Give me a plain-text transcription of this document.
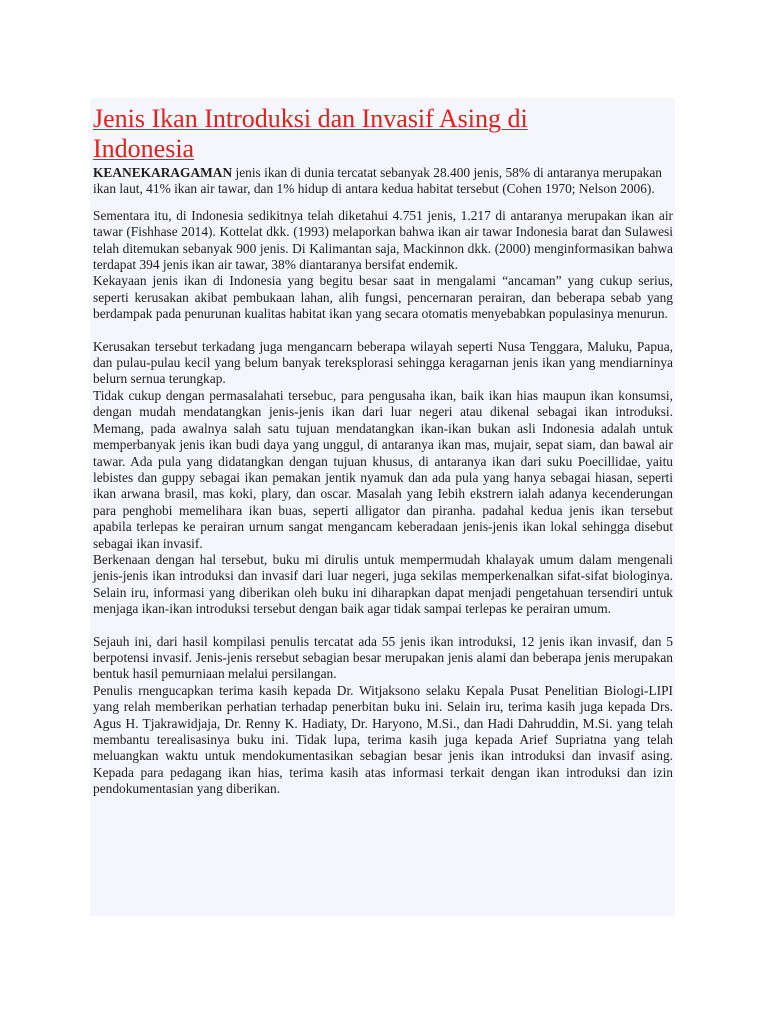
Jenis Ikan Introduksi dan Invasif Asing di Indonesia

KEANEKARAGAMAN jenis ikan di dunia tercatat sebanyak 28.400 jenis, 58% di antaranya merupakan ikan laut, 41% ikan air tawar, dan 1% hidup di antara kedua habitat tersebut (Cohen 1970; Nelson 2006).

Sementara itu, di Indonesia sedikitnya telah diketahui 4.751 jenis, 1.217 di antaranya merupakan ikan air tawar (Fishhase 2014). Kottelat dkk. (1993) melaporkan bahwa ikan air tawar Indonesia barat dan Sulawesi telah ditemukan sebanyak 900 jenis. Di Kalimantan saja, Mackinnon dkk. (2000) menginformasikan bahwa terdapat 394 jenis ikan air tawar, 38% diantaranya bersifat endemik.

Kekayaan jenis ikan di Indonesia yang begitu besar saat in mengalami “ancaman” yang cukup serius, seperti kerusakan akibat pembukaan lahan, alih fungsi, pencernaran perairan, dan beberapa sebab yang berdampak pada penurunan kualitas habitat ikan yang secara otomatis menyebabkan populasinya menurun.

Kerusakan tersebut terkadang juga mengancarn beberapa wilayah seperti Nusa Tenggara, Maluku, Papua, dan pulau-pulau kecil yang belum banyak tereksplorasi sehingga keragarnan jenis ikan yang mendiarninya belurn sernua terungkap.

Tidak cukup dengan permasalahati tersebuc, para pengusaha ikan, baik ikan hias maupun ikan konsumsi, dengan mudah mendatangkan jenis-jenis ikan dari luar negeri atau dikenal sebagai ikan introduksi. Memang, pada awalnya salah satu tujuan mendatangkan ikan-ikan bukan asli Indonesia adalah untuk memperbanyak jenis ikan budi daya yang unggul, di antaranya ikan mas, mujair, sepat siam, dan bawal air tawar. Ada pula yang didatangkan dengan tujuan khusus, di antaranya ikan dari suku Poecillidae, yaitu lebistes dan guppy sebagai ikan pemakan jentik nyamuk dan ada pula yang hanya sebagai hiasan, seperti ikan arwana brasil, mas koki, plary, dan oscar. Masalah yang Iebih ekstrern ialah adanya kecenderungan para penghobi memelihara ikan buas, seperti alligator dan piranha. padahal kedua jenis ikan tersebut apabila terlepas ke perairan urnum sangat mengancam keberadaan jenis-jenis ikan lokal sehingga disebut sebagai ikan invasif.

Berkenaan dengan hal tersebut, buku mi dirulis untuk mempermudah khalayak umum dalam mengenali jenis-jenis ikan introduksi dan invasif dari luar negeri, juga sekilas memperkenalkan sifat-sifat biologinya. Selain iru, informasi yang diberikan oleh buku ini diharapkan dapat menjadi pengetahuan tersendiri untuk menjaga ikan-ikan introduksi tersebut dengan baik agar tidak sampai terlepas ke perairan umum.

Sejauh ini, dari hasil kompilasi penulis tercatat ada 55 jenis ikan introduksi, 12 jenis ikan invasif, dan 5 berpotensi invasif. Jenis-jenis rersebut sebagian besar merupakan jenis alami dan beberapa jenis merupakan bentuk hasil pemurniaan melalui persilangan.

Penulis rnengucapkan terima kasih kepada Dr. Witjaksono selaku Kepala Pusat Penelitian Biologi-LIPI yang relah memberikan perhatian terhadap penerbitan buku ini. Selain iru, terima kasih juga kepada Drs. Agus H. Tjakrawidjaja, Dr. Renny K. Hadiaty, Dr. Haryono, M.Si., dan Hadi Dahruddin, M.Si. yang telah membantu terealisasinya buku ini. Tidak lupa, terima kasih juga kepada Arief Supriatna yang telah meluangkan waktu untuk mendokumentasikan sebagian besar jenis ikan introduksi dan invasif asing. Kepada para pedagang ikan hias, terima kasih atas informasi terkait dengan ikan introduksi dan izin pendokumentasian yang diberikan.
